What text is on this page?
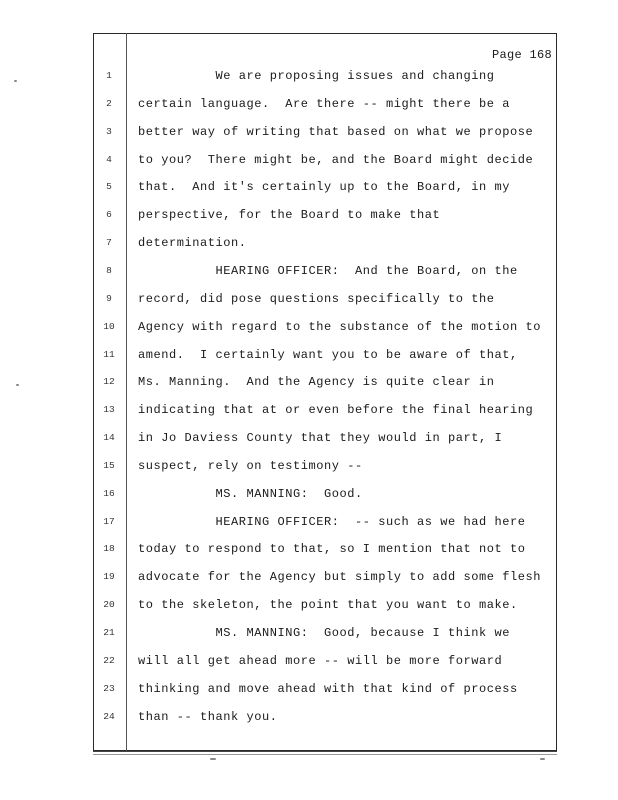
Page 168
1	We are proposing issues and changing
2	certain language.  Are there -- might there be a
3	better way of writing that based on what we propose
4	to you?  There might be, and the Board might decide
5	that.  And it's certainly up to the Board, in my
6	perspective, for the Board to make that
7	determination.
8	HEARING OFFICER:  And the Board, on the
9	record, did pose questions specifically to the
10	Agency with regard to the substance of the motion to
11	amend.  I certainly want you to be aware of that,
12	Ms. Manning.  And the Agency is quite clear in
13	indicating that at or even before the final hearing
14	in Jo Daviess County that they would in part, I
15	suspect, rely on testimony --
16	MS. MANNING:  Good.
17	HEARING OFFICER:  -- such as we had here
18	today to respond to that, so I mention that not to
19	advocate for the Agency but simply to add some flesh
20	to the skeleton, the point that you want to make.
21	MS. MANNING:  Good, because I think we
22	will all get ahead more -- will be more forward
23	thinking and move ahead with that kind of process
24	than -- thank you.
